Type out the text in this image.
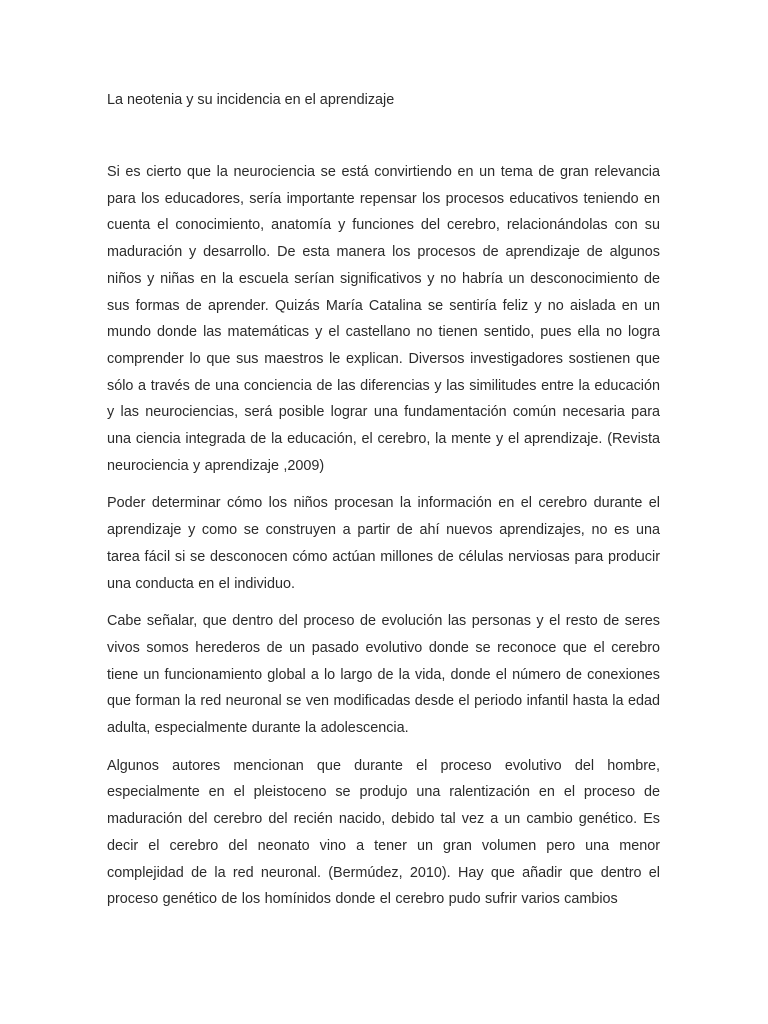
La neotenia y su incidencia en el aprendizaje

Si es cierto que la neurociencia se está convirtiendo en un tema de gran relevancia para los educadores, sería importante repensar los procesos educativos teniendo en cuenta el conocimiento, anatomía y funciones del cerebro, relacionándolas con su maduración y desarrollo. De esta manera los procesos de aprendizaje de algunos niños y niñas en la escuela serían significativos y no habría un desconocimiento de sus formas de aprender. Quizás María Catalina se sentiría feliz y no aislada en un mundo donde las matemáticas y el castellano no tienen sentido, pues ella no logra comprender lo que sus maestros le explican. Diversos investigadores sostienen que sólo a través de una conciencia de las diferencias y las similitudes entre la educación y las neurociencias, será posible lograr una fundamentación común necesaria para una ciencia integrada de la educación, el cerebro, la mente y el aprendizaje. (Revista neurociencia y aprendizaje ,2009)

Poder determinar cómo los niños procesan la información en el cerebro durante el aprendizaje y como se construyen a partir de ahí nuevos aprendizajes, no es una tarea fácil si se desconocen cómo actúan millones de células nerviosas para producir una conducta en el individuo.

Cabe señalar, que dentro del proceso de evolución las personas y el resto de seres vivos somos herederos de un pasado evolutivo donde se reconoce que el cerebro tiene un funcionamiento global a lo largo de la vida, donde el número de conexiones que forman la red neuronal se ven modificadas desde el periodo infantil hasta la edad adulta, especialmente durante la adolescencia.

Algunos autores mencionan que durante el proceso evolutivo del hombre, especialmente en el pleistoceno se produjo una ralentización en el proceso de maduración del cerebro del recién nacido, debido tal vez a un cambio genético. Es decir el cerebro del neonato vino a tener un gran volumen pero una menor complejidad de la red neuronal. (Bermúdez, 2010). Hay que añadir que dentro el proceso genético de los homínidos donde el cerebro pudo sufrir varios cambios
